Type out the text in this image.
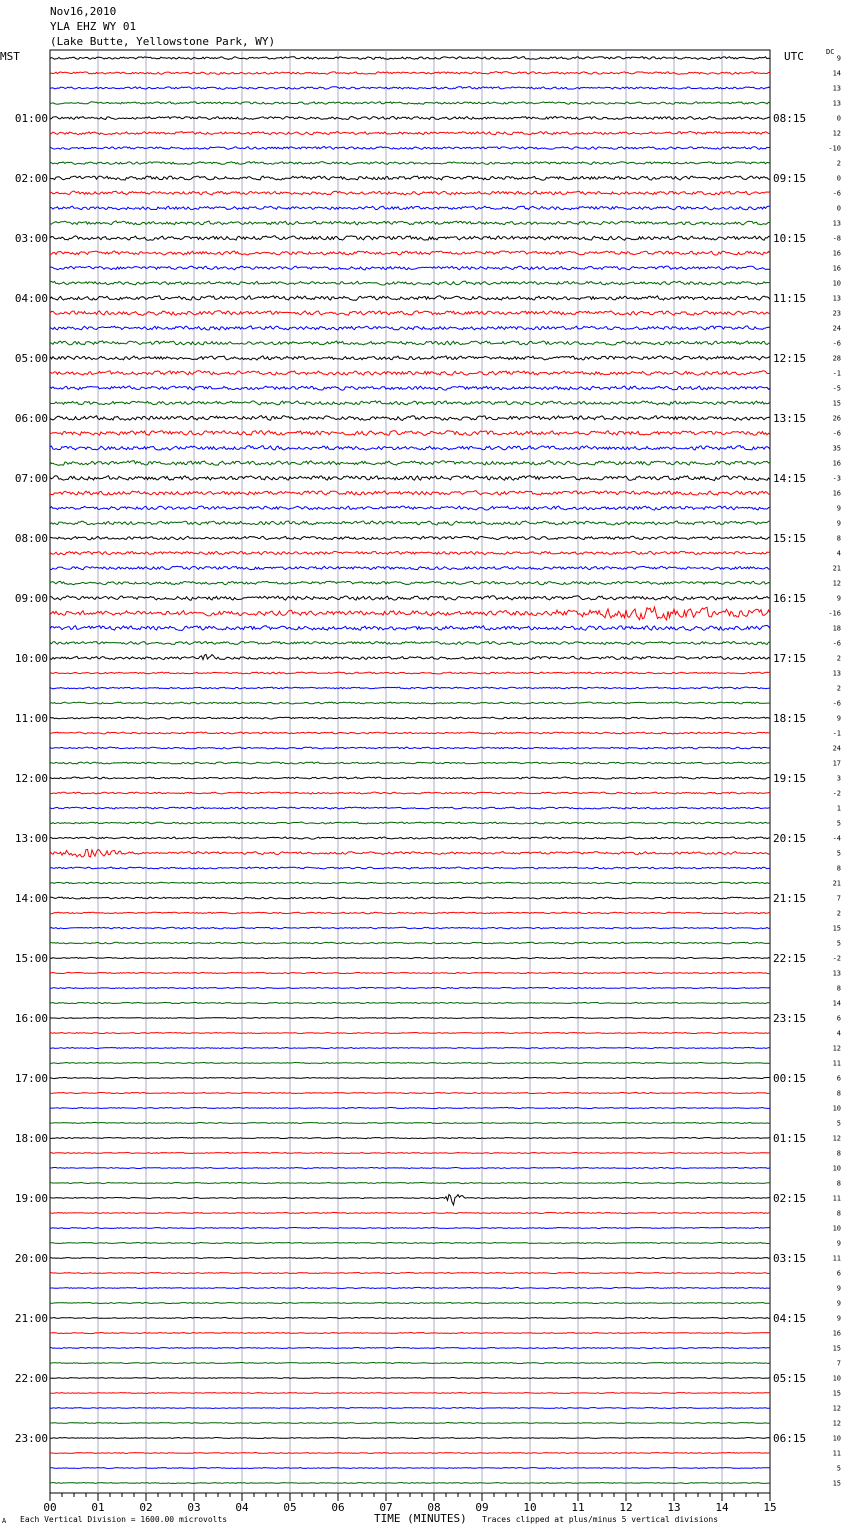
Nov16,2010
YLA EHZ WY 01
(Lake Butte, Yellowstone Park, WY)
MST	UTC	DC
00	01	02	03	04	05	06	07	08	09	10	11	12	13	14	15
9
14
13
13
0
12
-10
2
0
-6
0
13
-8
16
16
10
13
23
24
-6
28
-1
-5
15
26
-6
35
16
-3
16
9
9
8
4
21
12
9
-16
18
-6
2
13
2
-6
9
-1
24
17
3
-2
1
5
-4
5
8
21
7
2
15
5
-2
13
8
14
6
4
12
11
6
8
10
5
12
8
10
8
11
8
10
9
11
6
9
9
9
16
15
7
10
15
12
12
10
11
5
15
01:00	08:15
02:00	09:15
03:00	10:15
04:00	11:15
05:00	12:15
06:00	13:15
07:00	14:15
08:00	15:15
09:00	16:15
10:00	17:15
11:00	18:15
12:00	19:15
13:00	20:15
14:00	21:15
15:00	22:15
16:00	23:15
17:00	00:15
18:00	01:15
19:00	02:15
20:00	03:15
21:00	04:15
22:00	05:15
23:00	06:15
A Each Vertical Division = 1600.00 microvolts	TIME (MINUTES) Traces clipped at plus/minus 5 vertical divisions
